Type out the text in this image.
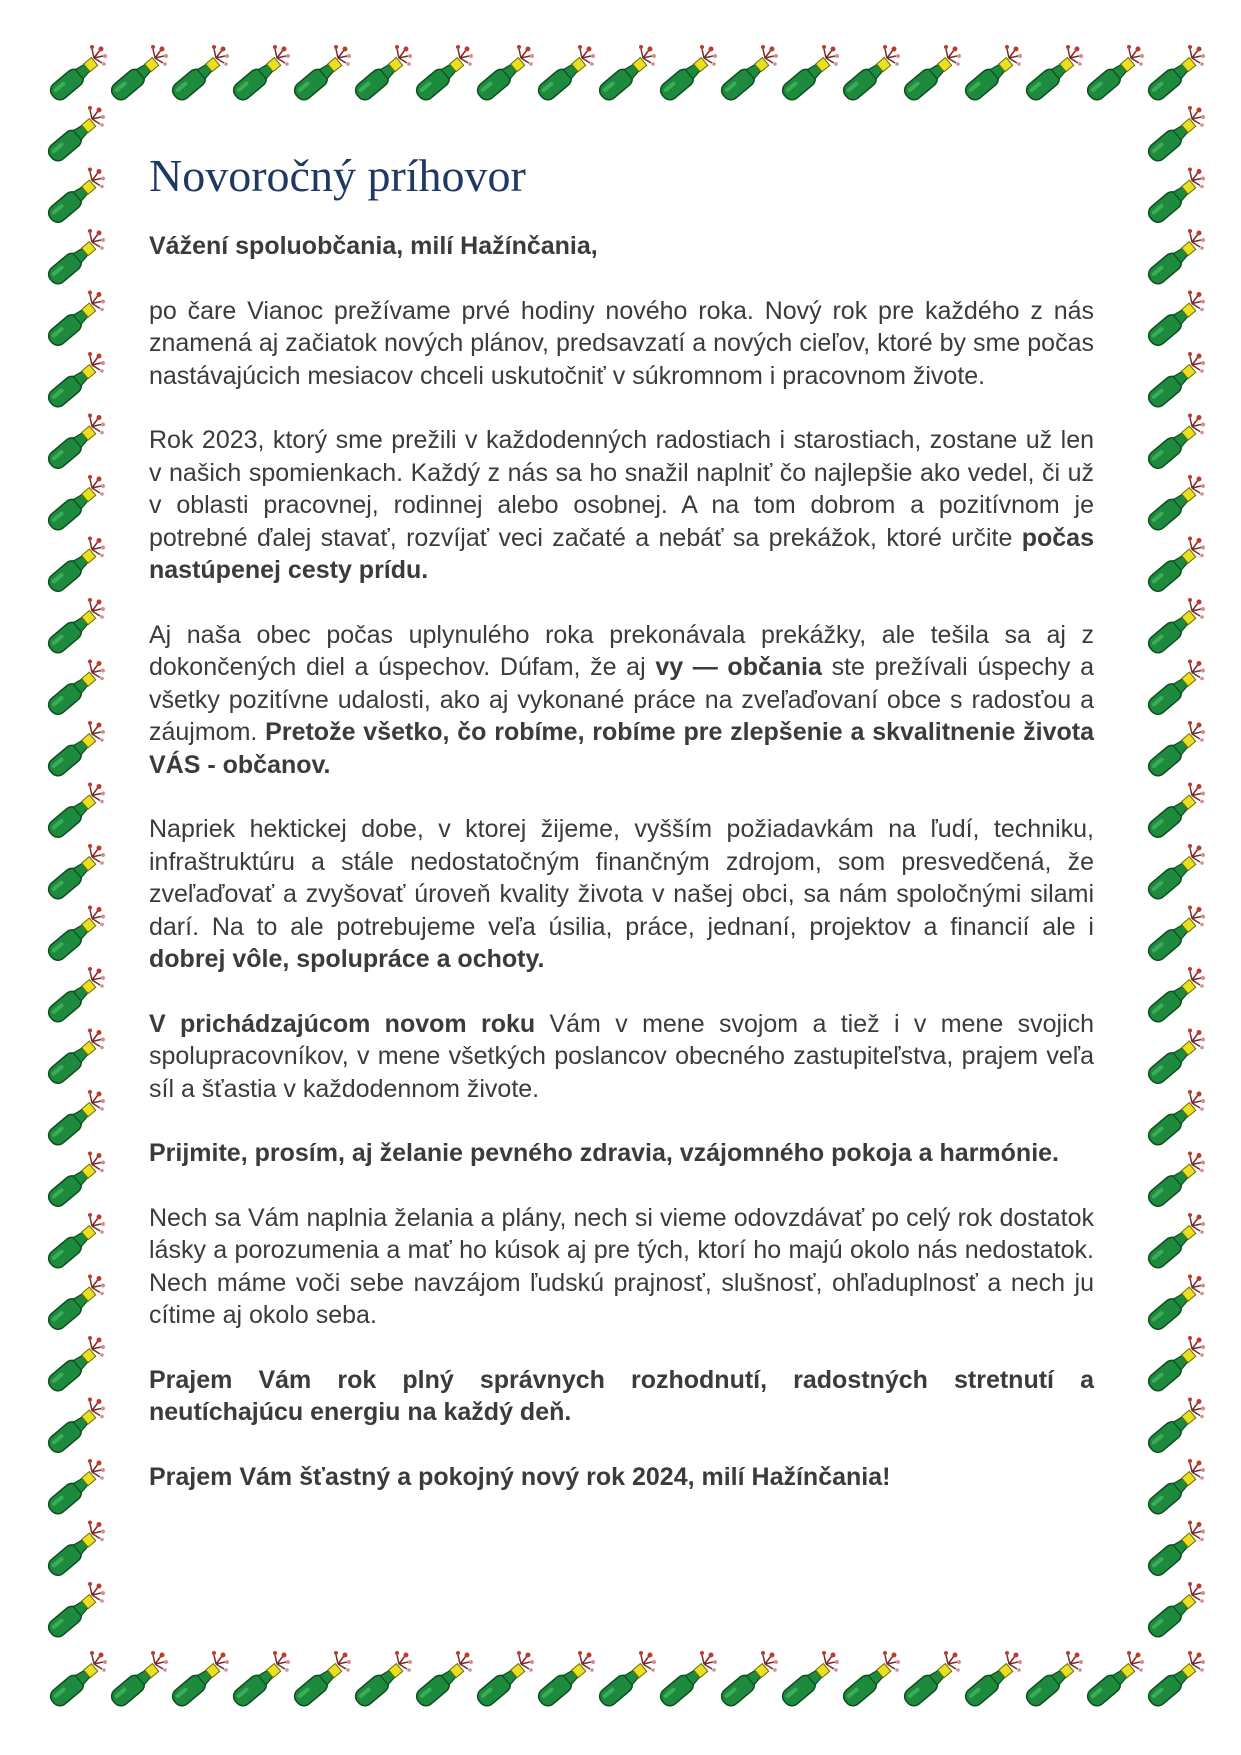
Novoročný príhovor

Vážení spoluobčania, milí Hažínčania,

po čare Vianoc prežívame prvé hodiny nového roka. Nový rok pre každého z nás znamená aj začiatok nových plánov, predsavzatí a nových cieľov, ktoré by sme počas nastávajúcich mesiacov chceli uskutočniť v súkromnom i pracovnom živote.

Rok 2023, ktorý sme prežili v každodenných radostiach i starostiach, zostane už len v našich spomienkach. Každý z nás sa ho snažil naplniť čo najlepšie ako vedel, či už v oblasti pracovnej, rodinnej alebo osobnej. A na tom dobrom a pozitívnom je potrebné ďalej stavať, rozvíjať veci začaté a nebáť sa prekážok, ktoré určite počas nastúpenej cesty prídu.

Aj naša obec počas uplynulého roka prekonávala prekážky, ale tešila sa aj z dokončených diel a úspechov. Dúfam, že aj vy — občania ste prežívali úspechy a všetky pozitívne udalosti, ako aj vykonané práce na zveľaďovaní obce s radosťou a záujmom. Pretože všetko, čo robíme, robíme pre zlepšenie a skvalitnenie života VÁS - občanov.

Napriek hektickej dobe, v ktorej žijeme, vyšším požiadavkám na ľudí, techniku, infraštruktúru a stále nedostatočným finančným zdrojom, som presvedčená, že zveľaďovať a zvyšovať úroveň kvality života v našej obci, sa nám spoločnými silami darí. Na to ale potrebujeme veľa úsilia, práce, jednaní, projektov a financií ale i dobrej vôle, spolupráce a ochoty.

V prichádzajúcom novom roku Vám v mene svojom a tiež i v mene svojich spolupracovníkov, v mene všetkých poslancov obecného zastupiteľstva, prajem veľa síl a šťastia v každodennom živote.

Prijmite, prosím, aj želanie pevného zdravia, vzájomného pokoja a harmónie.

Nech sa Vám naplnia želania a plány, nech si vieme odovzdávať po celý rok dostatok lásky a porozumenia a mať ho kúsok aj pre tých, ktorí ho majú okolo nás nedostatok. Nech máme voči sebe navzájom ľudskú prajnosť, slušnosť, ohľaduplnosť a nech ju cítime aj okolo seba.

Prajem Vám rok plný správnych rozhodnutí, radostných stretnutí a neutíchajúcu energiu na každý deň.

Prajem Vám šťastný a pokojný nový rok 2024, milí Hažínčania!
